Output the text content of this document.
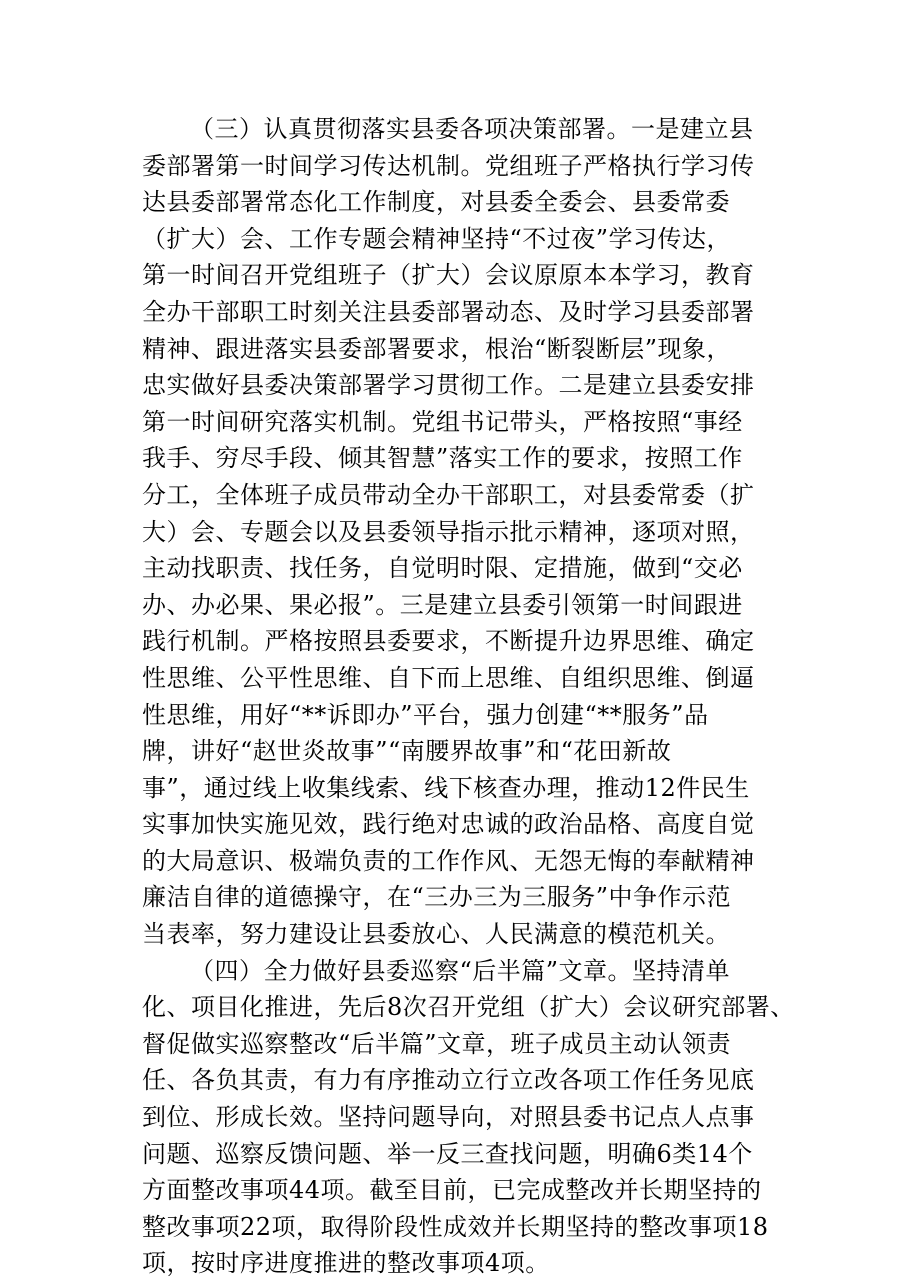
（三）认真贯彻落实县委各项决策部署。一是建立县
委部署第一时间学习传达机制。党组班子严格执行学习传
达县委部署常态化工作制度，对县委全委会、县委常委
（扩大）会、工作专题会精神坚持“不过夜”学习传达，
第一时间召开党组班子（扩大）会议原原本本学习，教育
全办干部职工时刻关注县委部署动态、及时学习县委部署
精神、跟进落实县委部署要求，根治“断裂断层”现象，
忠实做好县委决策部署学习贯彻工作。二是建立县委安排
第一时间研究落实机制。党组书记带头，严格按照“事经
我手、穷尽手段、倾其智慧”落实工作的要求，按照工作
分工，全体班子成员带动全办干部职工，对县委常委（扩
大）会、专题会以及县委领导指示批示精神，逐项对照，
主动找职责、找任务，自觉明时限、定措施，做到“交必
办、办必果、果必报”。三是建立县委引领第一时间跟进
践行机制。严格按照县委要求，不断提升边界思维、确定
性思维、公平性思维、自下而上思维、自组织思维、倒逼
性思维，用好“**诉即办”平台，强力创建“**服务”品
牌，讲好“赵世炎故事”“南腰界故事”和“花田新故
事”，通过线上收集线索、线下核查办理，推动12件民生
实事加快实施见效，践行绝对忠诚的政治品格、高度自觉
的大局意识、极端负责的工作作风、无怨无悔的奉献精神
廉洁自律的道德操守，在“三办三为三服务”中争作示范
当表率，努力建设让县委放心、人民满意的模范机关。
（四）全力做好县委巡察“后半篇”文章。坚持清单
化、项目化推进，先后8次召开党组（扩大）会议研究部署、
督促做实巡察整改“后半篇”文章，班子成员主动认领责
任、各负其责，有力有序推动立行立改各项工作任务见底
到位、形成长效。坚持问题导向，对照县委书记点人点事
问题、巡察反馈问题、举一反三查找问题，明确6类14个
方面整改事项44项。截至目前，已完成整改并长期坚持的
整改事项22项，取得阶段性成效并长期坚持的整改事项18
项，按时序进度推进的整改事项4项。
